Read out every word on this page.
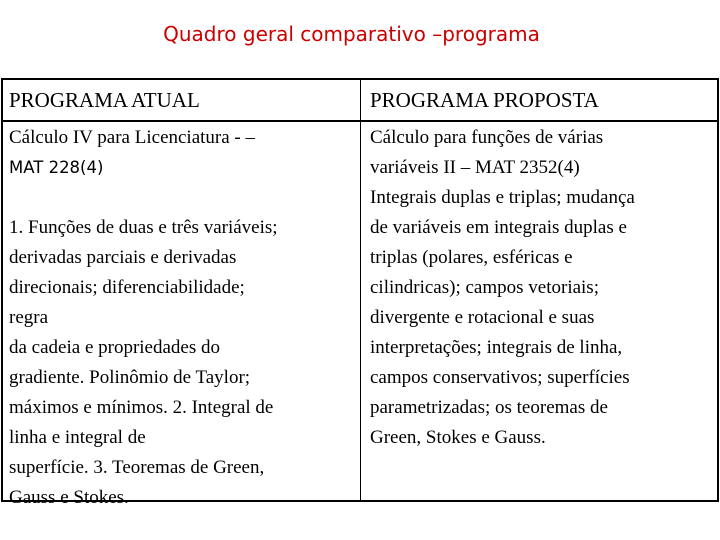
Quadro geral comparativo –programa
PROGRAMA ATUAL	PROGRAMA PROPOSTA
Cálculo IV para Licenciatura - –
MAT 228(4)
1. Funções de duas e três variáveis;
derivadas parciais e derivadas
direcionais; diferenciabilidade;
regra
da cadeia e propriedades do
gradiente. Polinômio de Taylor;
máximos e mínimos. 2. Integral de
linha e integral de
superfície. 3. Teoremas de Green,
Gauss e Stokes.
Cálculo para funções de várias
variáveis II – MAT 2352(4)
Integrais duplas e triplas; mudança
de variáveis em integrais duplas e
triplas (polares, esféricas e
cilindricas); campos vetoriais;
divergente e rotacional e suas
interpretações; integrais de linha,
campos conservativos; superfícies
parametrizadas; os teoremas de
Green, Stokes e Gauss.
